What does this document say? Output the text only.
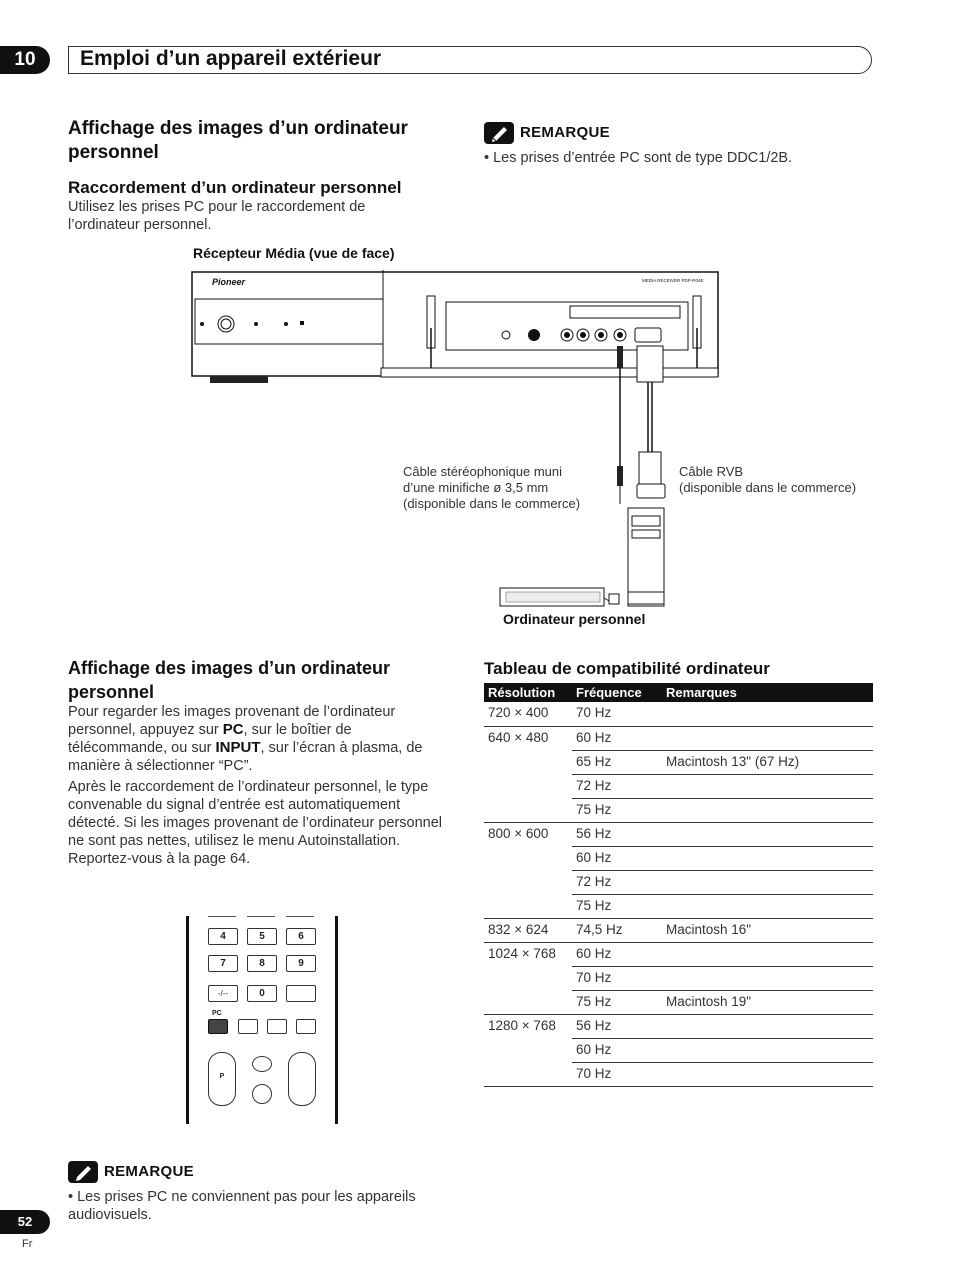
10	Emploi d’un appareil extérieur
Affichage des images d’un ordinateur personnel
Raccordement d’un ordinateur personnel
Utilisez les prises PC pour le raccordement de l’ordinateur personnel.
REMARQUE
• Les prises d’entrée PC sont de type DDC1/2B.
Récepteur Média (vue de face)
Pioneer	MEDIA RECEIVER PDP-R04E
Câble stéréophonique muni
d’une minifiche ø 3,5 mm
(disponible dans le commerce)
Câble RVB
(disponible dans le commerce)
Ordinateur personnel
Affichage des images d’un ordinateur personnel
Pour regarder les images provenant de l’ordinateur personnel, appuyez sur PC, sur le boîtier de télécommande, ou sur INPUT, sur l’écran à plasma, de manière à sélectionner “PC”.
Après le raccordement de l’ordinateur personnel, le type convenable du signal d’entrée est automatiquement détecté. Si les images provenant de l’ordinateur personnel ne sont pas nettes, utilisez le menu Autoinstallation. Reportez-vous à la page 64.
4	5	6
7	8	9
-/--	0
PC
P
REMARQUE
• Les prises PC ne conviennent pas pour les appareils audiovisuels.
Tableau de compatibilité ordinateur
Résolution	Fréquence	Remarques
720 × 400	70 Hz	
640 × 480	60 Hz	
	65 Hz	Macintosh 13" (67 Hz)
	72 Hz	
	75 Hz	
800 × 600	56 Hz	
	60 Hz	
	72 Hz	
	75 Hz	
832 × 624	74,5 Hz	Macintosh 16"
1024 × 768	60 Hz	
	70 Hz	
	75 Hz	Macintosh 19"
1280 × 768	56 Hz	
	60 Hz	
	70 Hz	
52
Fr
